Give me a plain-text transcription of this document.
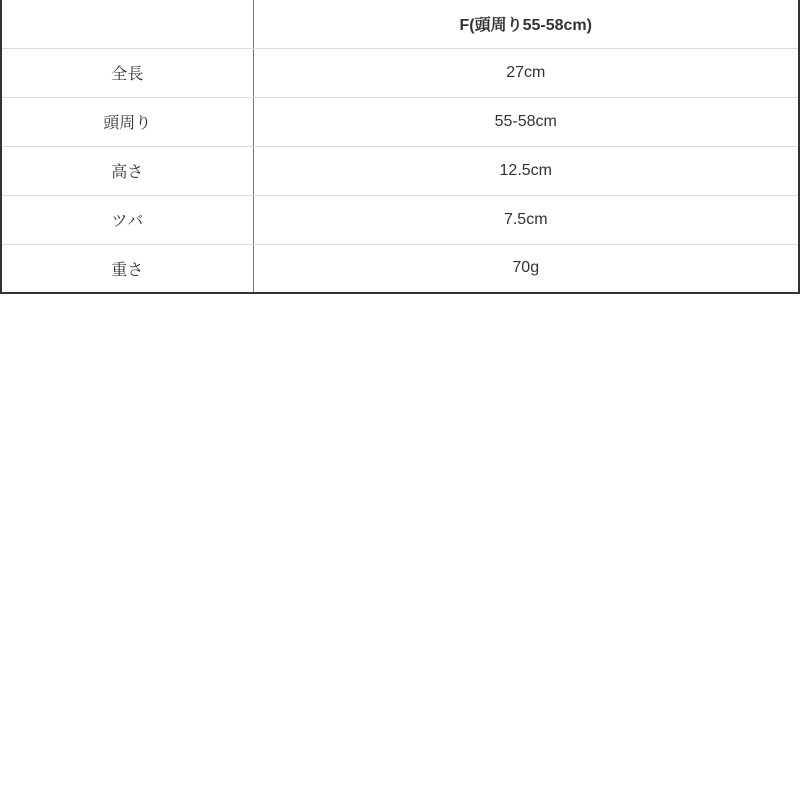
	F(頭周り55-58cm)
全長	27cm
頭周り	55-58cm
高さ	12.5cm
ツバ	7.5cm
重さ	70g
